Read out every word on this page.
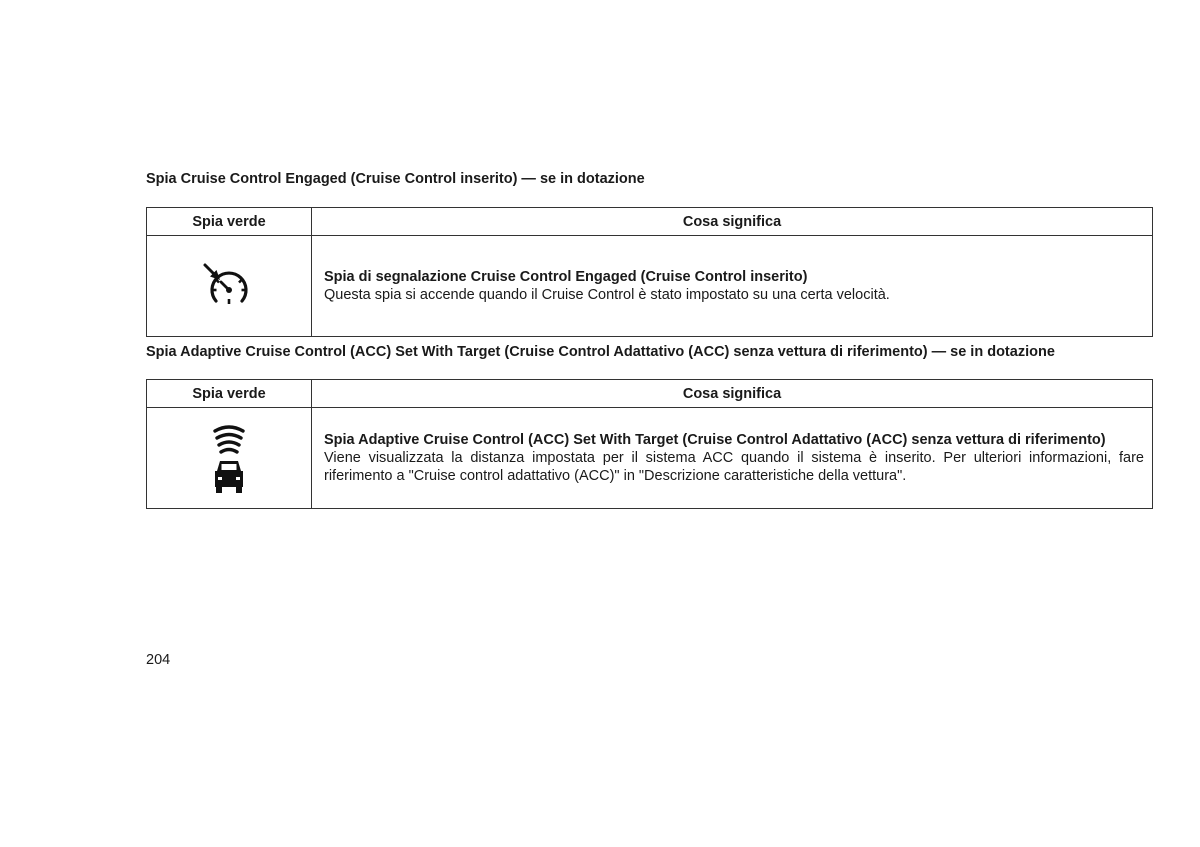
Spia Cruise Control Engaged (Cruise Control inserito) — se in dotazione
Spia verde	Cosa significa

Spia di segnalazione Cruise Control Engaged (Cruise Control inserito)
Questa spia si accende quando il Cruise Control è stato impostato su una certa velocità.
Spia Adaptive Cruise Control (ACC) Set With Target (Cruise Control Adattativo (ACC) senza vettura di riferimento) — se in dotazione
Spia verde	Cosa significa

Spia Adaptive Cruise Control (ACC) Set With Target (Cruise Control Adattativo (ACC) senza vettura di riferimento)
Viene visualizzata la distanza impostata per il sistema ACC quando il sistema è inserito. Per ulteriori informazioni, fare riferimento a "Cruise control adattativo (ACC)" in "Descrizione caratteristiche della vettura".

204
